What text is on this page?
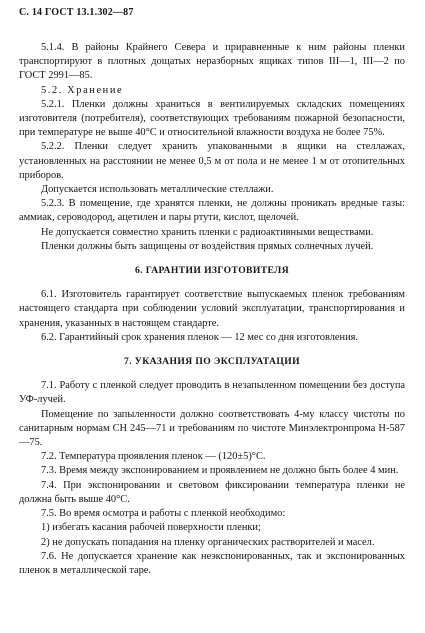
С. 14 ГОСТ 13.1.302—87

5.1.4. В районы Крайнего Севера и приравненные к ним районы пленки транспортируют в плотных дощатых неразборных ящиках типов III—1, III—2 по ГОСТ 2991—85.

5.2. Хранение

5.2.1. Пленки должны храниться в вентилируемых складских помещениях изготовителя (потребителя), соответствующих требованиям пожарной безопасности, при температуре не выше 40°С и относительной влажности воздуха не более 75%.

5.2.2. Пленки следует хранить упакованными в ящики на стеллажах, установленных на расстоянии не менее 0,5 м от пола и не менее 1 м от отопительных приборов.

Допускается использовать металлические стеллажи.

5.2.3. В помещение, где хранятся пленки, не должны проникать вредные газы: аммиак, сероводород, ацетилен и пары ртути, кислот, щелочей.

Не допускается совместно хранить пленки с радиоактивными веществами.

Пленки должны быть защищены от воздействия прямых солнечных лучей.

6. ГАРАНТИИ ИЗГОТОВИТЕЛЯ

6.1. Изготовитель гарантирует соответствие выпускаемых пленок требованиям настоящего стандарта при соблюдении условий эксплуатации, транспортирования и хранения, указанных в настоящем стандарте.

6.2. Гарантийный срок хранения пленок — 12 мес со дня изготовления.

7. УКАЗАНИЯ ПО ЭКСПЛУАТАЦИИ

7.1. Работу с пленкой следует проводить в незапыленном помещении без доступа УФ-лучей.

Помещение по запыленности должно соответствовать 4-му классу чистоты по санитарным нормам СН 245—71 и требованиям по чистоте Минэлектронпрома Н-587—75.

7.2. Температура проявления пленок — (120±5)°С.

7.3. Время между экспонированием и проявлением не должно быть более 4 мин.

7.4. При экспонировании и световом фиксировании температура пленки не должна быть выше 40°С.

7.5. Во время осмотра и работы с пленкой необходимо:

1) избегать касания рабочей поверхности пленки;

2) не допускать попадания на пленку органических растворителей и масел.

7.6. Не допускается хранение как неэкспонированных, так и экспонированных пленок в металлической таре.
